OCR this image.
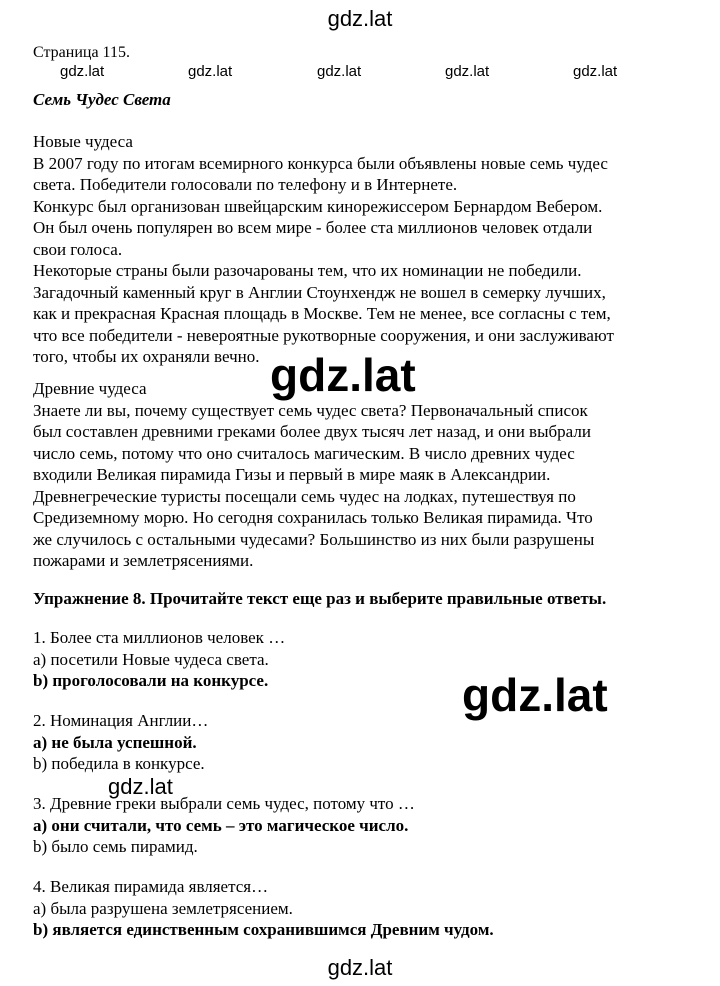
gdz.lat
gdz.lat	gdz.lat	gdz.lat	gdz.lat	gdz.lat
Страница 115.
Семь Чудес Света

Новые чудеса

В 2007 году по итогам всемирного конкурса были объявлены новые семь чудес

света. Победители голосовали по телефону и в Интернете.

Конкурс был организован швейцарским кинорежиссером Бернардом Вебером.

Он был очень популярен во всем мире - более ста миллионов человек отдали

свои голоса.

Некоторые страны были разочарованы тем, что их номинации не победили.

Загадочный каменный круг в Англии Стоунхендж не вошел в семерку лучших,

как и прекрасная Красная площадь в Москве. Тем не менее, все согласны с тем,

что все победители - невероятные рукотворные сооружения, и они заслуживают

того, чтобы их охраняли вечно.

Древние чудеса

Знаете ли вы, почему существует семь чудес света? Первоначальный список

был составлен древними греками более двух тысяч лет назад, и они выбрали

число семь, потому что оно считалось магическим. В число древних чудес

входили Великая пирамида Гизы и первый в мире маяк в Александрии.

Древнегреческие туристы посещали семь чудес на лодках, путешествуя по

Средиземному морю. Но сегодня сохранилась только Великая пирамида. Что

же случилось с остальными чудесами? Большинство из них были разрушены

пожарами и землетрясениями.

Упражнение 8. Прочитайте текст еще раз и выберите правильные ответы.

1. Более ста миллионов человек …

a) посетили Новые чудеса света.

b) проголосовали на конкурсе.

2. Номинация Англии…

a) не была успешной.

b) победила в конкурсе.

3. Древние греки выбрали семь чудес, потому что …

a) они считали, что семь – это магическое число.

b) было семь пирамид.

4. Великая пирамида является…

a) была разрушена землетрясением.

b) является единственным сохранившимся Древним чудом.

gdz.lat
gdz.lat
gdz.lat
gdz.lat
